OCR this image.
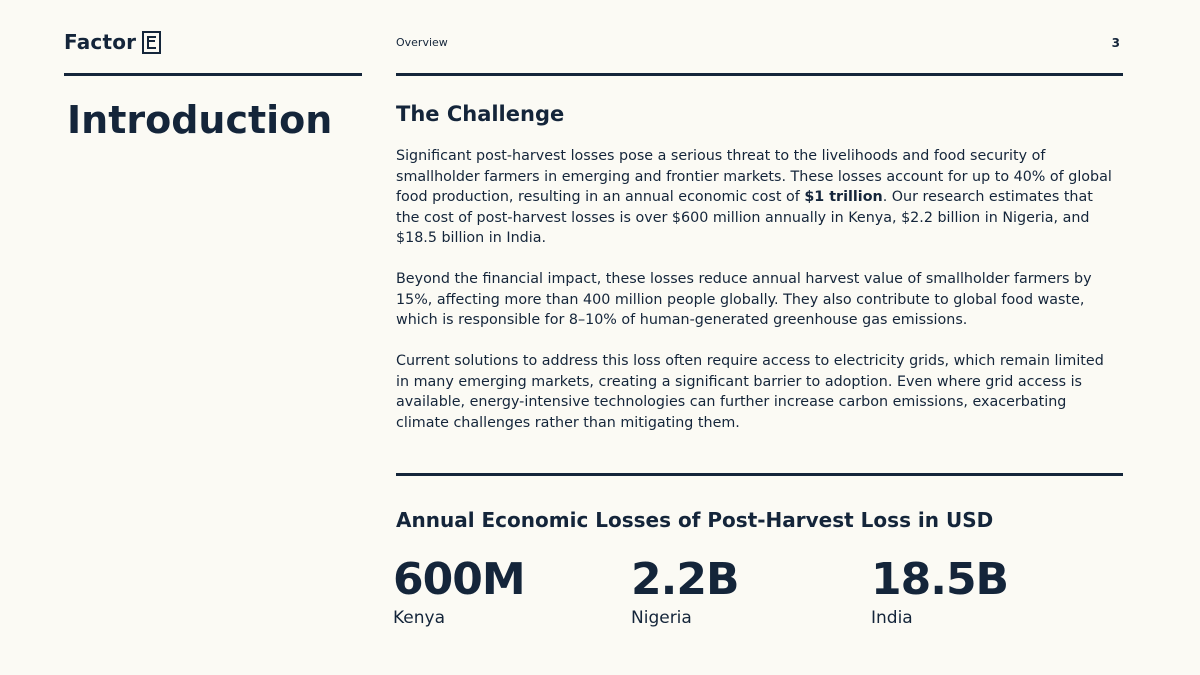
Factor	Overview	3
Introduction	The Challenge

Significant post-harvest losses pose a serious threat to the livelihoods and food security of smallholder farmers in emerging and frontier markets. These losses account for up to 40% of global food production, resulting in an annual economic cost of $1 trillion. Our research estimates that the cost of post-harvest losses is over $600 million annually in Kenya, $2.2 billion in Nigeria, and $18.5 billion in India.

Beyond the financial impact, these losses reduce annual harvest value of smallholder farmers by 15%, affecting more than 400 million people globally. They also contribute to global food waste, which is responsible for 8–10% of human-generated greenhouse gas emissions.

Current solutions to address this loss often require access to electricity grids, which remain limited in many emerging markets, creating a significant barrier to adoption. Even where grid access is available, energy-intensive technologies can further increase carbon emissions, exacerbating climate challenges rather than mitigating them.

Annual Economic Losses of Post-Harvest Loss in USD
600M
Kenya
2.2B
Nigeria
18.5B
India
